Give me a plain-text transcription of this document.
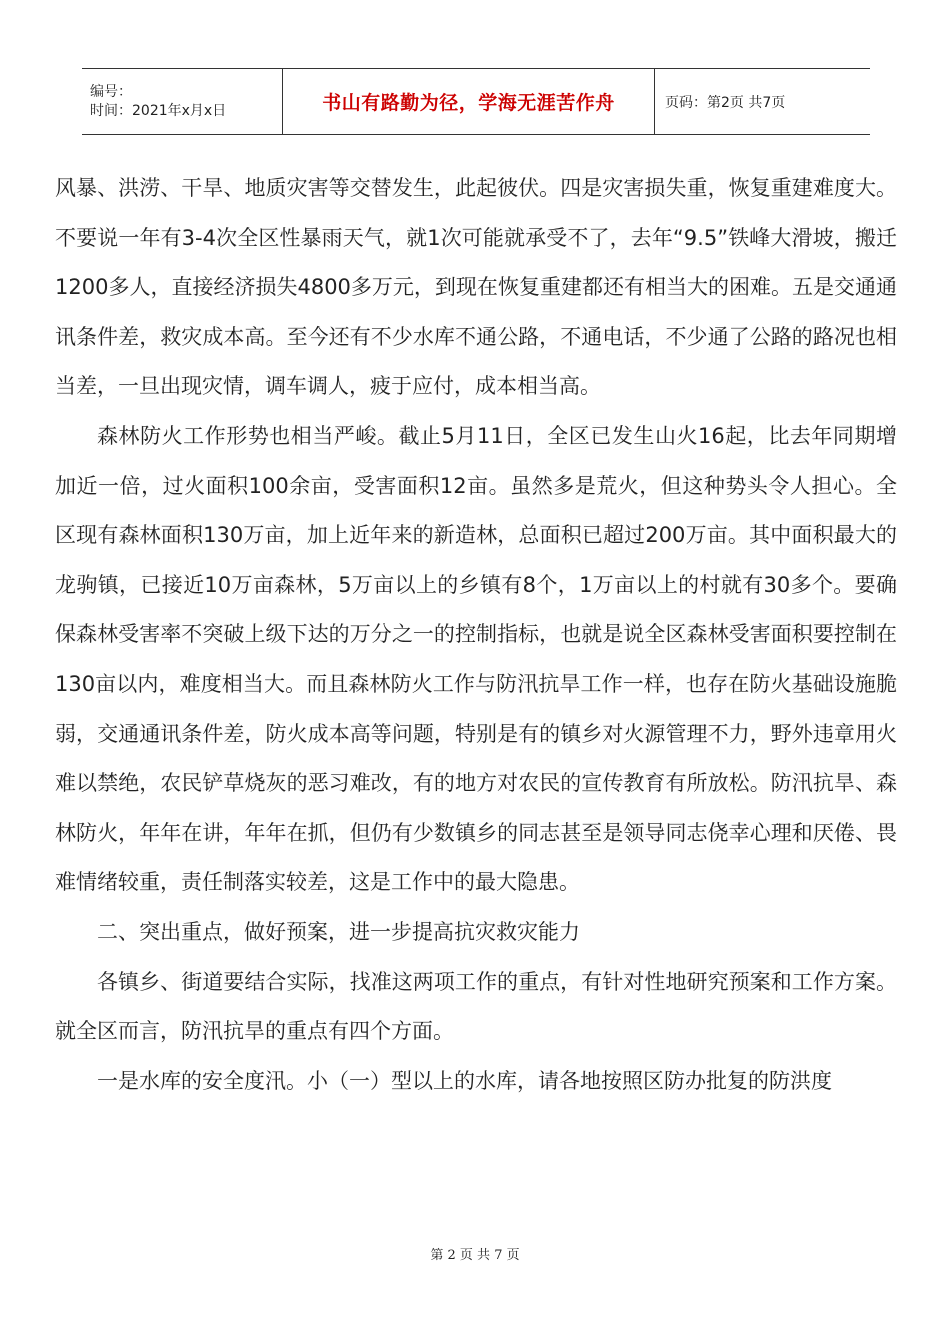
编号：
时间：2021年x月x日	书山有路勤为径，学海无涯苦作舟	页码：第2页 共7页

风暴、洪涝、干旱、地质灾害等交替发生，此起彼伏。四是灾害损失重，恢复重建难度大。不要说一年有3-4次全区性暴雨天气，就1次可能就承受不了，去年“9.5”铁峰大滑坡，搬迁1200多人，直接经济损失4800多万元，到现在恢复重建都还有相当大的困难。五是交通通讯条件差，救灾成本高。至今还有不少水库不通公路，不通电话，不少通了公路的路况也相当差，一旦出现灾情，调车调人，疲于应付，成本相当高。

森林防火工作形势也相当严峻。截止5月11日，全区已发生山火16起，比去年同期增加近一倍，过火面积100余亩，受害面积12亩。虽然多是荒火，但这种势头令人担心。全区现有森林面积130万亩，加上近年来的新造林，总面积已超过200万亩。其中面积最大的龙驹镇，已接近10万亩森林，5万亩以上的乡镇有8个，1万亩以上的村就有30多个。要确保森林受害率不突破上级下达的万分之一的控制指标，也就是说全区森林受害面积要控制在130亩以内，难度相当大。而且森林防火工作与防汛抗旱工作一样，也存在防火基础设施脆弱，交通通讯条件差，防火成本高等问题，特别是有的镇乡对火源管理不力，野外违章用火难以禁绝，农民铲草烧灰的恶习难改，有的地方对农民的宣传教育有所放松。防汛抗旱、森林防火，年年在讲，年年在抓，但仍有少数镇乡的同志甚至是领导同志侥幸心理和厌倦、畏难情绪较重，责任制落实较差，这是工作中的最大隐患。

二、突出重点，做好预案，进一步提高抗灾救灾能力

各镇乡、街道要结合实际，找准这两项工作的重点，有针对性地研究预案和工作方案。就全区而言，防汛抗旱的重点有四个方面。

一是水库的安全度汛。小（一）型以上的水库，请各地按照区防办批复的防洪度

第 2 页 共 7 页
